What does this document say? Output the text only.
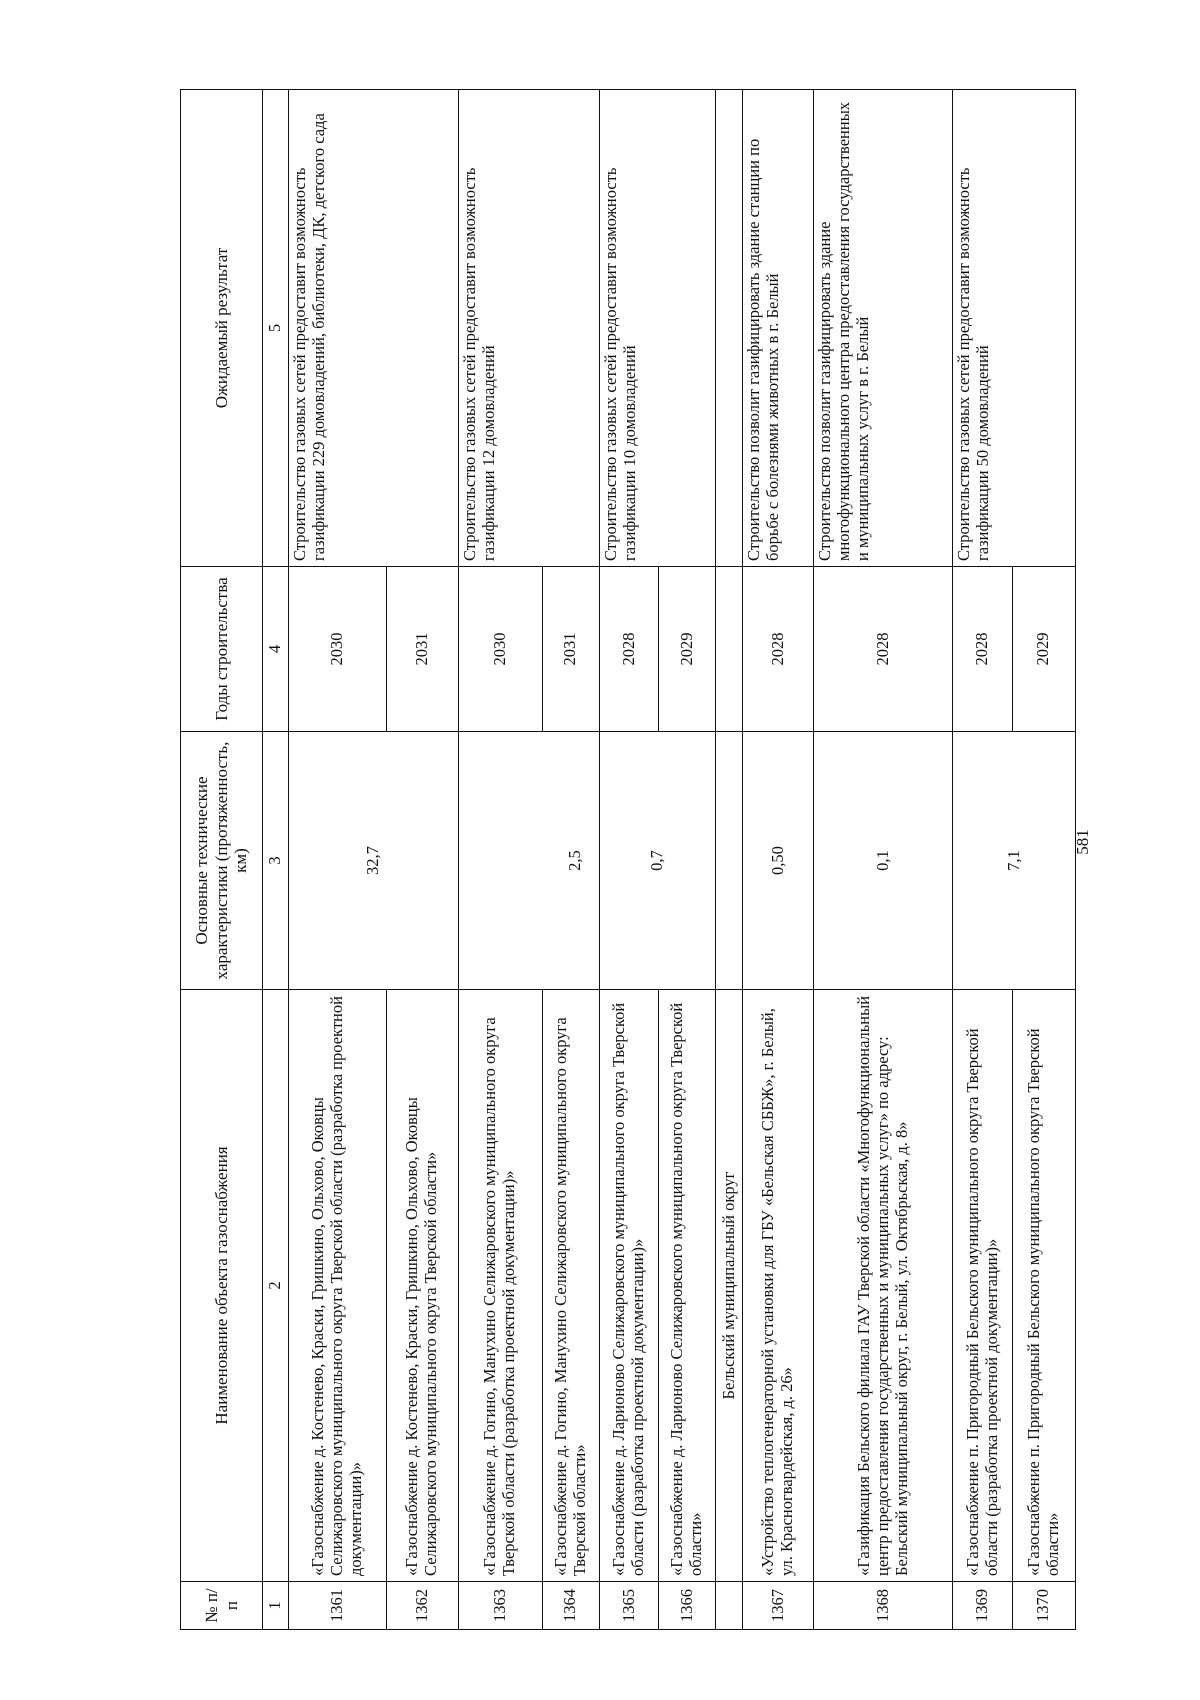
581
№ п/п	Наименование объекта газоснабжения	Основные технические характеристики (протяженность, км)	Годы строительства	Ожидаемый результат
1	2	3	4	5
1361	«Газоснабжение д. Костенево, Краски, Гришкино, Ольхово, Оковцы Селижаровского муниципального округа Тверской области (разработка проектной документации)»	32,7	2030	Строительство газовых сетей предоставит возможность газификации 229 домовладений, библиотеки, ДК, детского сада
1362	«Газоснабжение д. Костенево, Краски, Гришкино, Ольхово, Оковцы Селижаровского муниципального округа Тверской области»		2031	
1363	«Газоснабжение д. Гогино, Манухино Селижаровского муниципального округа Тверской области (разработка проектной документации)»	2,5	2030	Строительство газовых сетей предоставит возможность газификации 12 домовладений
1364	«Газоснабжение д. Гогино, Манухино Селижаровского муниципального округа Тверской области»		2031	
1365	«Газоснабжение д. Ларионово Селижаровского муниципального округа Тверской области (разработка проектной документации)»	0,7	2028	Строительство газовых сетей предоставит возможность газификации 10 домовладений
1366	«Газоснабжение д. Ларионово Селижаровского муниципального округа Тверской области»		2029	
	Бельский муниципальный округ			
1367	«Устройство теплогенераторной установки для ГБУ «Бельская СББЖ», г. Белый, ул. Красногвардейская, д. 26»	0,50	2028	Строительство позволит газифицировать здание станции по борьбе с болезнями животных в г. Белый
1368	«Газификация Бельского филиала ГАУ Тверской области «Многофункциональный центр предоставления государственных и муниципальных услуг» по адресу: Бельский муниципальный округ, г. Белый, ул. Октябрьская, д. 8»	0,1	2028	Строительство позволит газифицировать здание многофункционального центра предоставления государственных и муниципальных услуг в г. Белый
1369	«Газоснабжение п. Пригородный Бельского муниципального округа Тверской области (разработка проектной документации)»	7,1	2028	Строительство газовых сетей предоставит возможность газификации 50 домовладений
1370	«Газоснабжение п. Пригородный Бельского муниципального округа Тверской области»		2029	
